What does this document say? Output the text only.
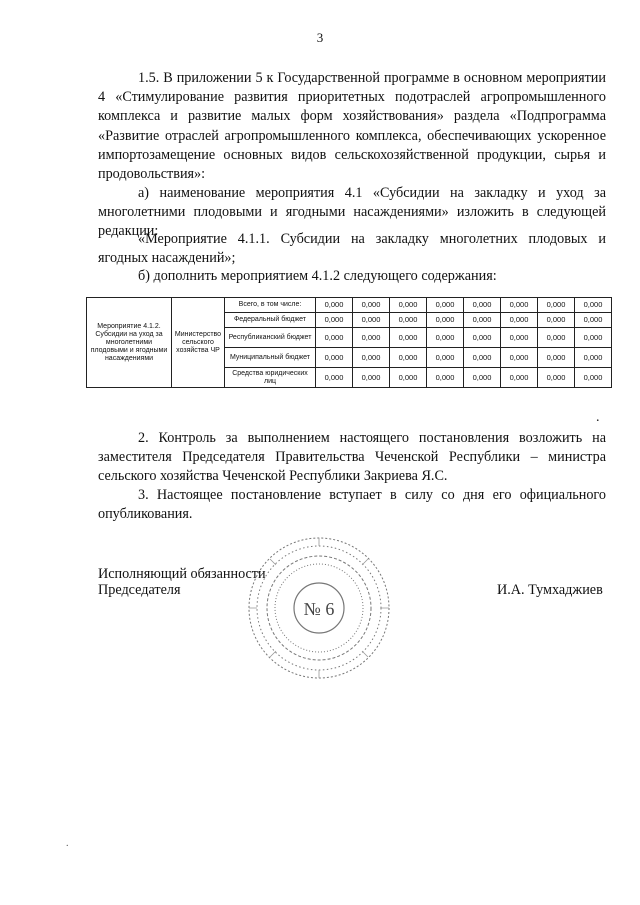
3
1.5. В приложении 5 к Государственной программе в основном мероприятии 4 «Стимулирование развития приоритетных подотраслей агропромышленного комплекса и развитие малых форм хозяйствования» раздела «Подпрограмма «Развитие отраслей агропромышленного комплекса, обеспечивающих ускоренное импортозамещение основных видов сельскохозяйственной продукции, сырья и продовольствия»:
Мероприятие 4.1.2. Субсидии на уход за многолетними плодовыми и ягодными насаждениями	Министерство сельского хозяйства ЧР	Всего, в том числе:	0,000	0,000	0,000	0,000	0,000	0,000	0,000	0,000
		Федеральный бюджет	0,000	0,000	0,000	0,000	0,000	0,000	0,000	0,000
		Республиканский бюджет	0,000	0,000	0,000	0,000	0,000	0,000	0,000	0,000
		Муниципальный бюджет	0,000	0,000	0,000	0,000	0,000	0,000	0,000	0,000
		Средства юридических лиц	0,000	0,000	0,000	0,000	0,000	0,000	0,000	0,000
а) наименование мероприятия 4.1 «Субсидии на закладку и уход за многолетними плодовыми и ягодными насаждениями» изложить в следующей редакции:
«Мероприятие 4.1.1. Субсидии на закладку многолетних плодовых и ягодных насаждений»;
б) дополнить мероприятием 4.1.2 следующего содержания:
.
2. Контроль за выполнением настоящего постановления возложить на заместителя Председателя Правительства Чеченской Республики – министра сельского хозяйства Чеченской Республики Закриева Я.С.
3. Настоящее постановление вступает в силу со дня его официального опубликования.
№ 6
Исполняющий обязанности
Председателя	И.А. Тумхаджиев
.
